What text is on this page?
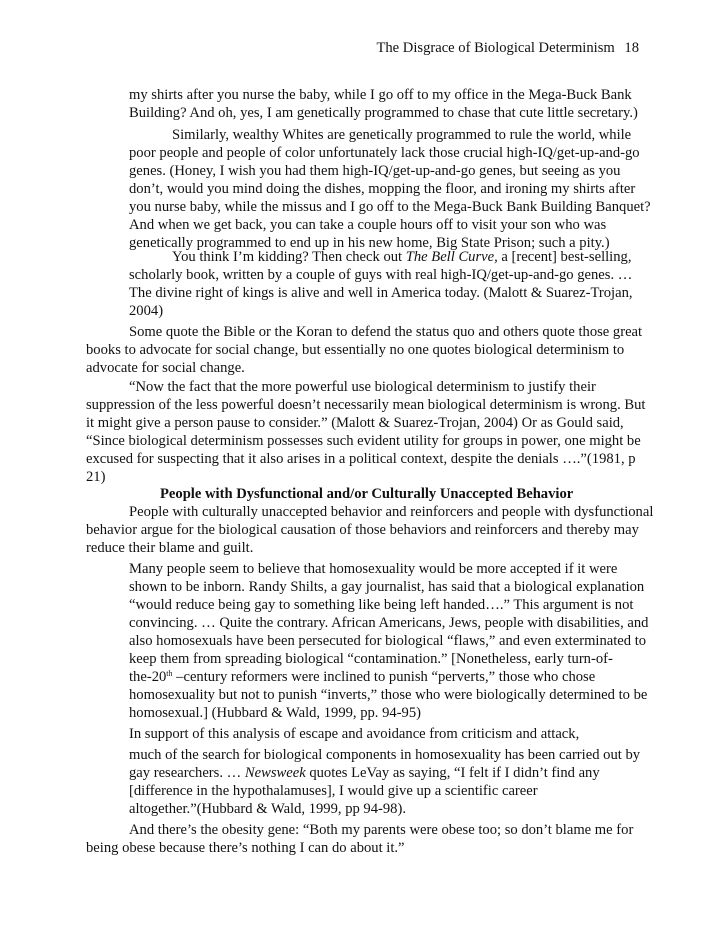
The Disgrace of Biological Determinism 18
my shirts after you nurse the baby, while I go off to my office in the Mega-Buck Bank
Building? And oh, yes, I am genetically programmed to chase that cute little secretary.)
Similarly, wealthy Whites are genetically programmed to rule the world, while
poor people and people of color unfortunately lack those crucial high-IQ/get-up-and-go
genes. (Honey, I wish you had them high-IQ/get-up-and-go genes, but seeing as you
don’t, would you mind doing the dishes, mopping the floor, and ironing my shirts after
you nurse baby, while the missus and I go off to the Mega-Buck Bank Building Banquet?
And when we get back, you can take a couple hours off to visit your son who was
genetically programmed to end up in his new home, Big State Prison; such a pity.)
You think I’m kidding? Then check out The Bell Curve, a [recent] best-selling,
scholarly book, written by a couple of guys with real high-IQ/get-up-and-go genes. …
The divine right of kings is alive and well in America today. (Malott & Suarez-Trojan,
2004)
Some quote the Bible or the Koran to defend the status quo and others quote those great
books to advocate for social change, but essentially no one quotes biological determinism to
advocate for social change.
“Now the fact that the more powerful use biological determinism to justify their
suppression of the less powerful doesn’t necessarily mean biological determinism is wrong. But
it might give a person pause to consider.” (Malott & Suarez-Trojan, 2004) Or as Gould said,
“Since biological determinism possesses such evident utility for groups in power, one might be
excused for suspecting that it also arises in a political context, despite the denials ….”(1981, p
21)
People with Dysfunctional and/or Culturally Unaccepted Behavior
People with culturally unaccepted behavior and reinforcers and people with dysfunctional
behavior argue for the biological causation of those behaviors and reinforcers and thereby may
reduce their blame and guilt.
Many people seem to believe that homosexuality would be more accepted if it were
shown to be inborn. Randy Shilts, a gay journalist, has said that a biological explanation
“would reduce being gay to something like being left handed….” This argument is not
convincing. … Quite the contrary. African Americans, Jews, people with disabilities, and
also homosexuals have been persecuted for biological “flaws,” and even exterminated to
keep them from spreading biological “contamination.” [Nonetheless, early turn-of-
the-20th –century reformers were inclined to punish “perverts,” those who chose
homosexuality but not to punish “inverts,” those who were biologically determined to be
homosexual.] (Hubbard & Wald, 1999, pp. 94-95)
In support of this analysis of escape and avoidance from criticism and attack,
much of the search for biological components in homosexuality has been carried out by
gay researchers. … Newsweek quotes LeVay as saying, “I felt if I didn’t find any
[difference in the hypothalamuses], I would give up a scientific career
altogether.”(Hubbard & Wald, 1999, pp 94-98).
And there’s the obesity gene: “Both my parents were obese too; so don’t blame me for
being obese because there’s nothing I can do about it.”
